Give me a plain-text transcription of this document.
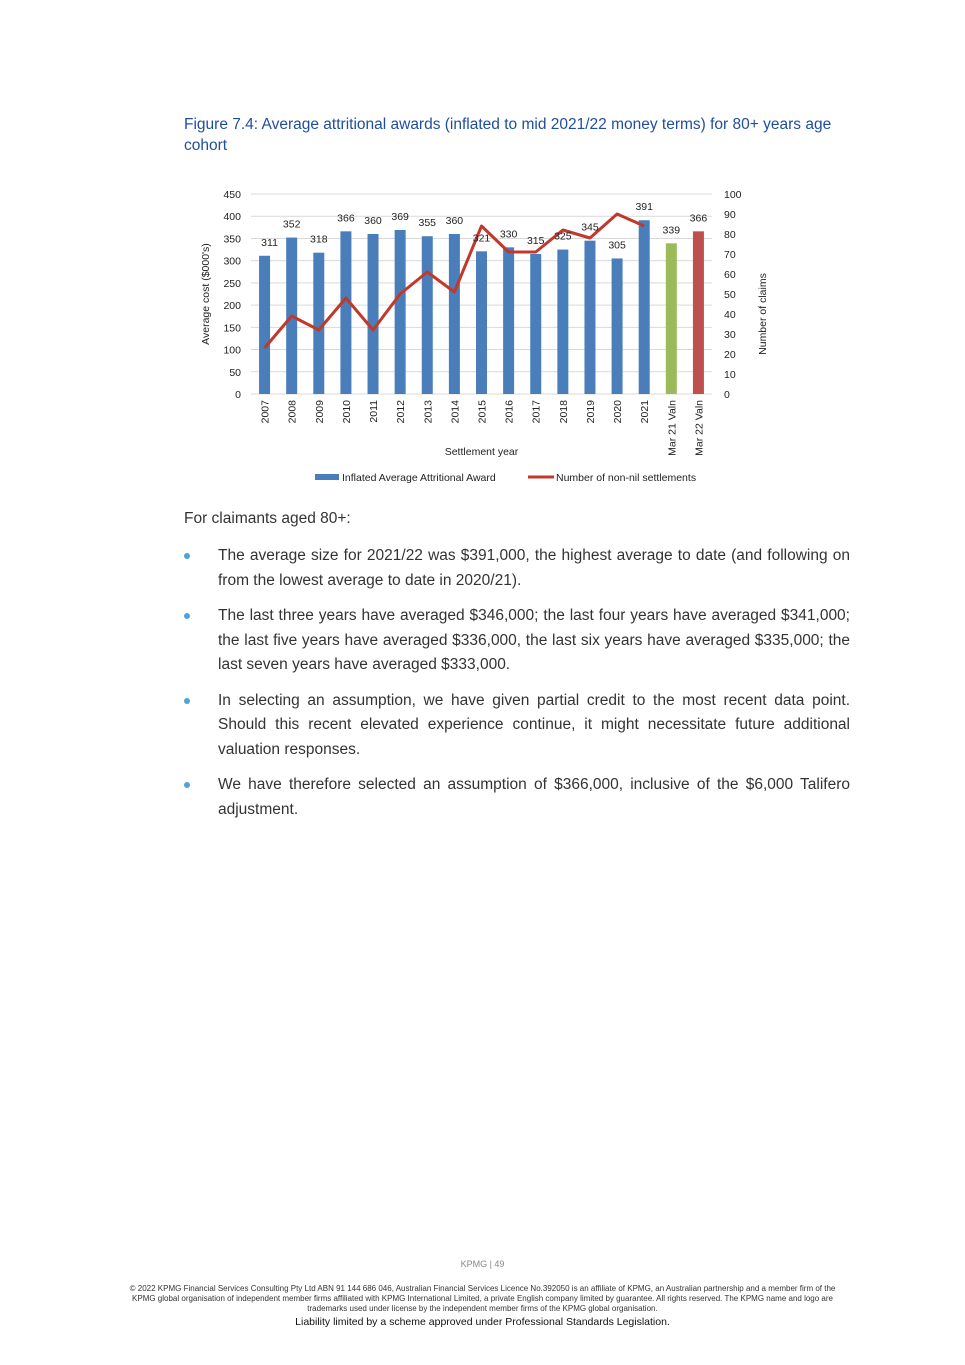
Figure 7.4: Average attritional awards (inflated to mid 2021/22 money terms) for 80+ years age cohort
0
50
100
150
200
250
300
350
400
450
0
10
20
30
40
50
60
70
80
90
100
311
352
318
366 360 369
355 360
321 330
315 325
345
305
391
339
366
2007 2008 2009 2010 2011 2012 2013 2014 2015 2016 2017 2018 2019 2020 2021 Mar 21 Valn Mar 22 Valn
Settlement year
Average cost ($000's)	Number of claims
Inflated Average Attritional Award	Number of non-nil settlements
For claimants aged 80+:
The average size for 2021/22 was $391,000, the highest average to date (and following on from the lowest average to date in 2020/21).
The last three years have averaged $346,000; the last four years have averaged $341,000; the last five years have averaged $336,000, the last six years have averaged $335,000; the last seven years have averaged $333,000.
In selecting an assumption, we have given partial credit to the most recent data point. Should this recent elevated experience continue, it might necessitate future additional valuation responses.
We have therefore selected an assumption of $366,000, inclusive of the $6,000 Talifero adjustment.
KPMG | 49
© 2022 KPMG Financial Services Consulting Pty Ltd ABN 91 144 686 046, Australian Financial Services Licence No.392050 is an affiliate of KPMG, an Australian partnership and a member firm of the KPMG global organisation of independent member firms affiliated with KPMG International Limited, a private English company limited by guarantee. All rights reserved. The KPMG name and logo are trademarks used under license by the independent member firms of the KPMG global organisation.
Liability limited by a scheme approved under Professional Standards Legislation.
